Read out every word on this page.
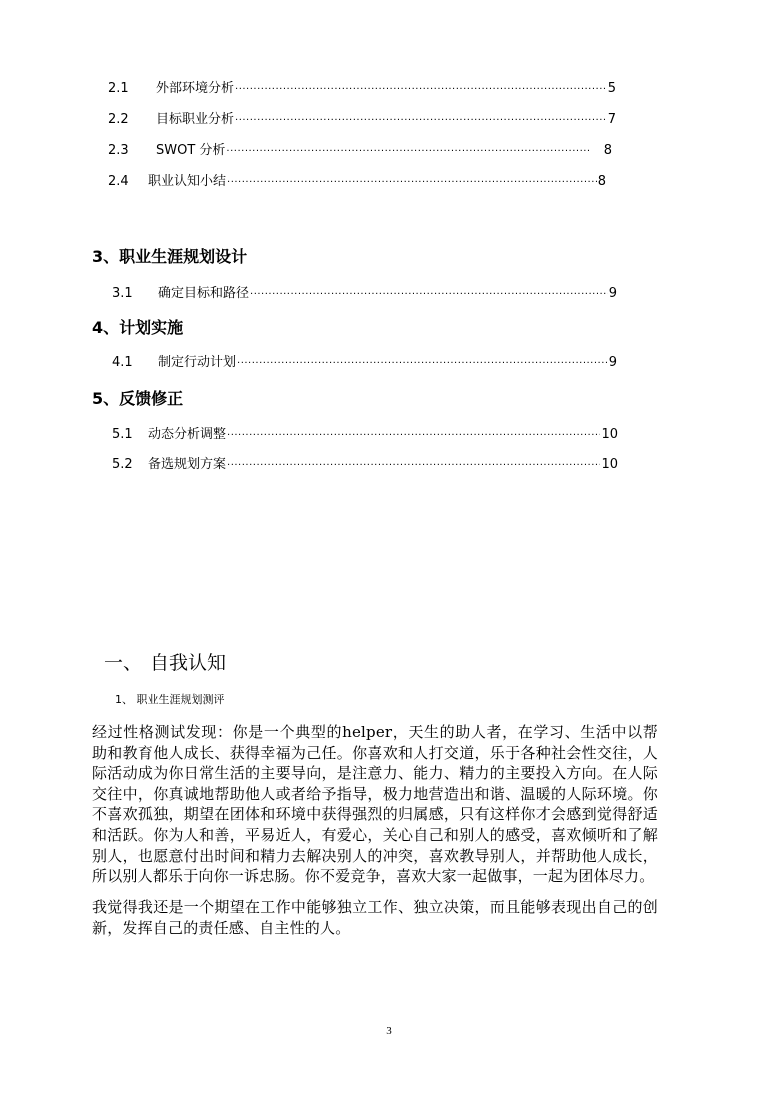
2.1	外部环境分析 ·····	5
2.2	目标职业分析 ·····	7
2.3	SWOT 分析 ·····	8
2.4	职业认知小结 ·····	8
3、职业生涯规划设计
3.1	确定目标和路径 ·····	9
4、计划实施
4.1	制定行动计划 ·····	9
5、反馈修正
5.1	动态分析调整 ·····	10
5.2	备选规划方案 ·····	10
一、 自我认知
1、 职业生涯规划测评

经过性格测试发现：你是一个典型的helper，天生的助人者，在学习、生活中以帮助和教育他人成长、获得幸福为己任。你喜欢和人打交道，乐于各种社会性交往，人际活动成为你日常生活的主要导向，是注意力、能力、精力的主要投入方向。在人际交往中，你真诚地帮助他人或者给予指导，极力地营造出和谐、温暖的人际环境。你不喜欢孤独，期望在团体和环境中获得强烈的归属感，只有这样你才会感到觉得舒适和活跃。你为人和善，平易近人，有爱心，关心自己和别人的感受，喜欢倾听和了解别人，也愿意付出时间和精力去解决别人的冲突，喜欢教导别人，并帮助他人成长，所以别人都乐于向你一诉忠肠。你不爱竞争，喜欢大家一起做事，一起为团体尽力。

我觉得我还是一个期望在工作中能够独立工作、独立决策，而且能够表现出自己的创新，发挥自己的责任感、自主性的人。

3
